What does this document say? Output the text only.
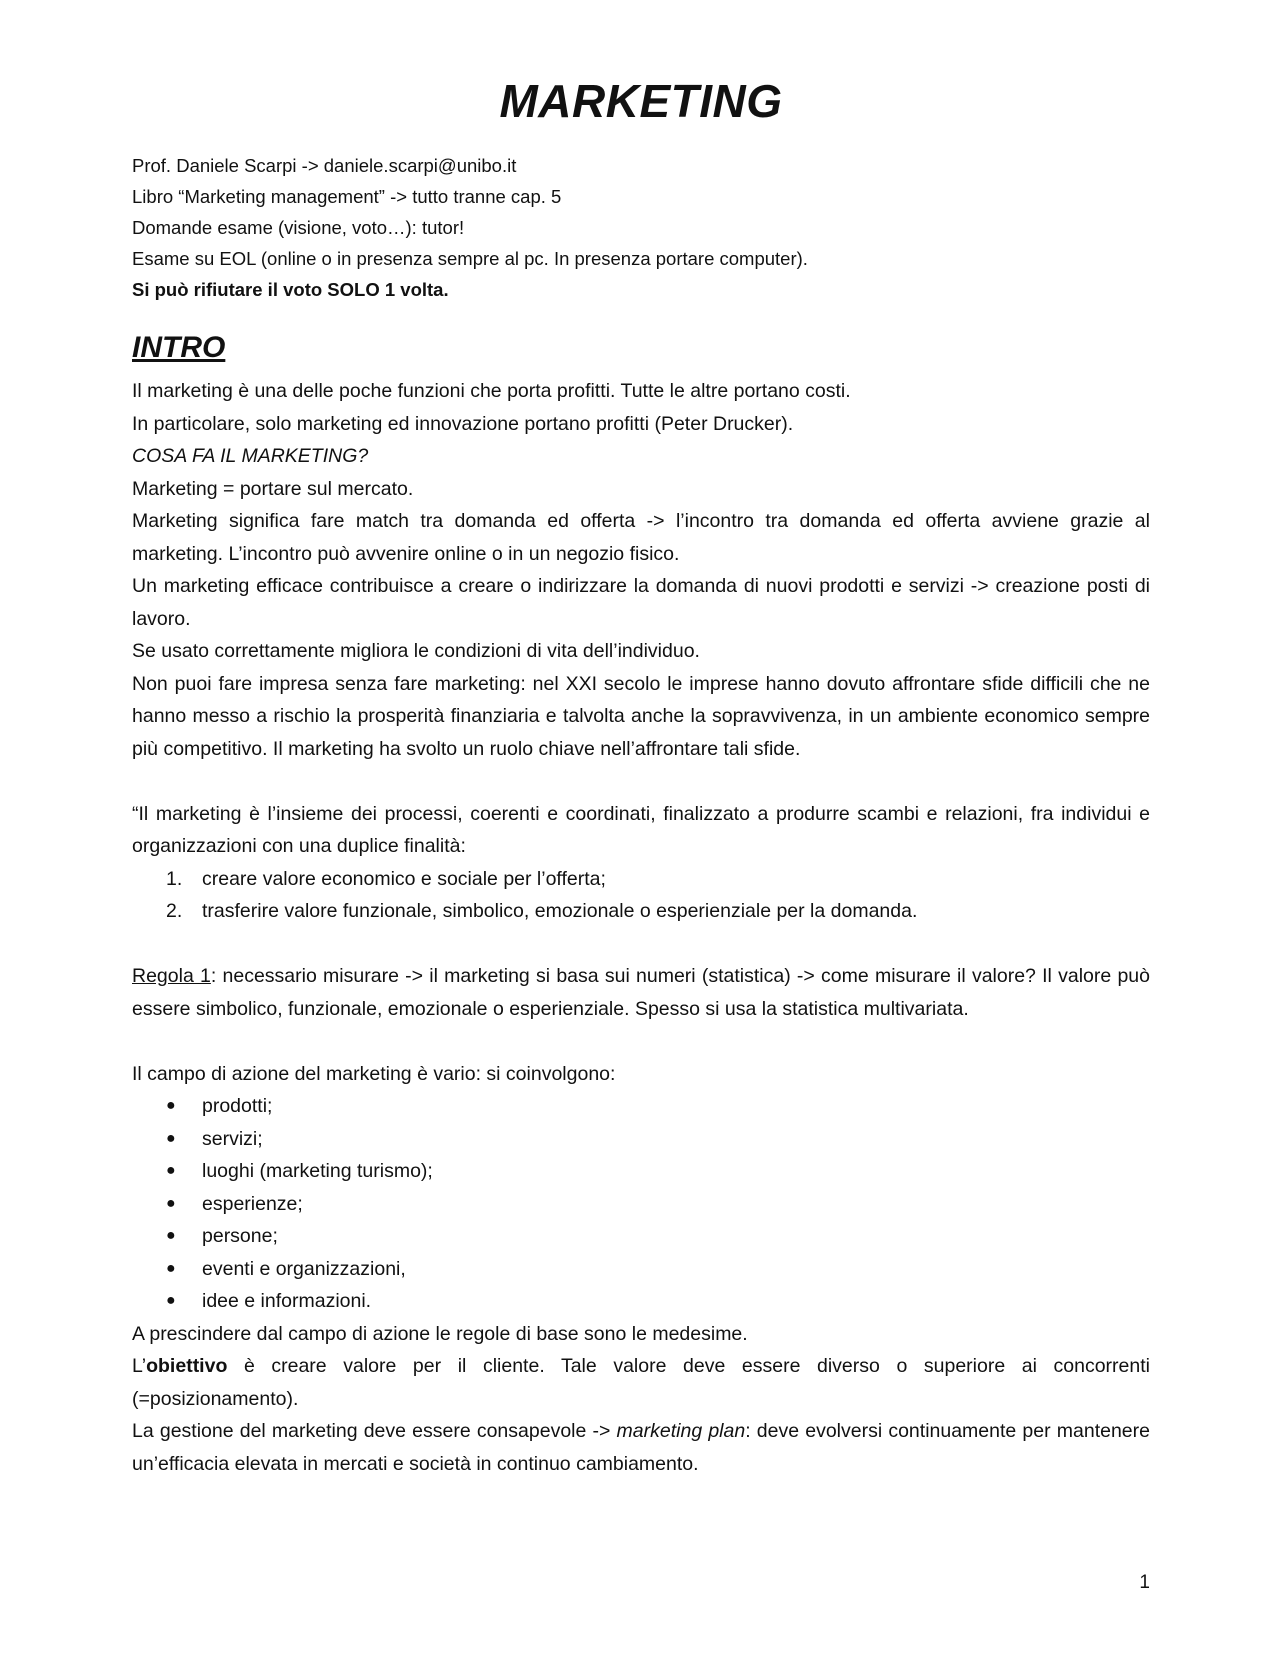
MARKETING

Prof. Daniele Scarpi -> daniele.scarpi@unibo.it

Libro “Marketing management” -> tutto tranne cap. 5

Domande esame (visione, voto…): tutor!

Esame su EOL (online o in presenza sempre al pc. In presenza portare computer).

Si può rifiutare il voto SOLO 1 volta.

INTRO

Il marketing è una delle poche funzioni che porta profitti. Tutte le altre portano costi.

In particolare, solo marketing ed innovazione portano profitti (Peter Drucker).

COSA FA IL MARKETING?

Marketing = portare sul mercato.

Marketing significa fare match tra domanda ed offerta -> l’incontro tra domanda ed offerta avviene grazie al marketing. L’incontro può avvenire online o in un negozio fisico.

Un marketing efficace contribuisce a creare o indirizzare la domanda di nuovi prodotti e servizi -> creazione posti di lavoro.

Se usato correttamente migliora le condizioni di vita dell’individuo.

Non puoi fare impresa senza fare marketing: nel XXI secolo le imprese hanno dovuto affrontare sfide difficili che ne hanno messo a rischio la prosperità finanziaria e talvolta anche la sopravvivenza, in un ambiente economico sempre più competitivo. Il marketing ha svolto un ruolo chiave nell’affrontare tali sfide.

“Il marketing è l’insieme dei processi, coerenti e coordinati, finalizzato a produrre scambi e relazioni, fra individui e organizzazioni con una duplice finalità:

1. creare valore economico e sociale per l’offerta;
2. trasferire valore funzionale, simbolico, emozionale o esperienziale per la domanda.

Regola 1: necessario misurare -> il marketing si basa sui numeri (statistica) -> come misurare il valore? Il valore può essere simbolico, funzionale, emozionale o esperienziale. Spesso si usa la statistica multivariata.

Il campo di azione del marketing è vario: si coinvolgono:

● prodotti;
● servizi;
● luoghi (marketing turismo);
● esperienze;
● persone;
● eventi e organizzazioni,
● idee e informazioni.

A prescindere dal campo di azione le regole di base sono le medesime.

L’obiettivo è creare valore per il cliente. Tale valore deve essere diverso o superiore ai concorrenti (=posizionamento).

La gestione del marketing deve essere consapevole -> marketing plan: deve evolversi continuamente per mantenere un’efficacia elevata in mercati e società in continuo cambiamento.

1
